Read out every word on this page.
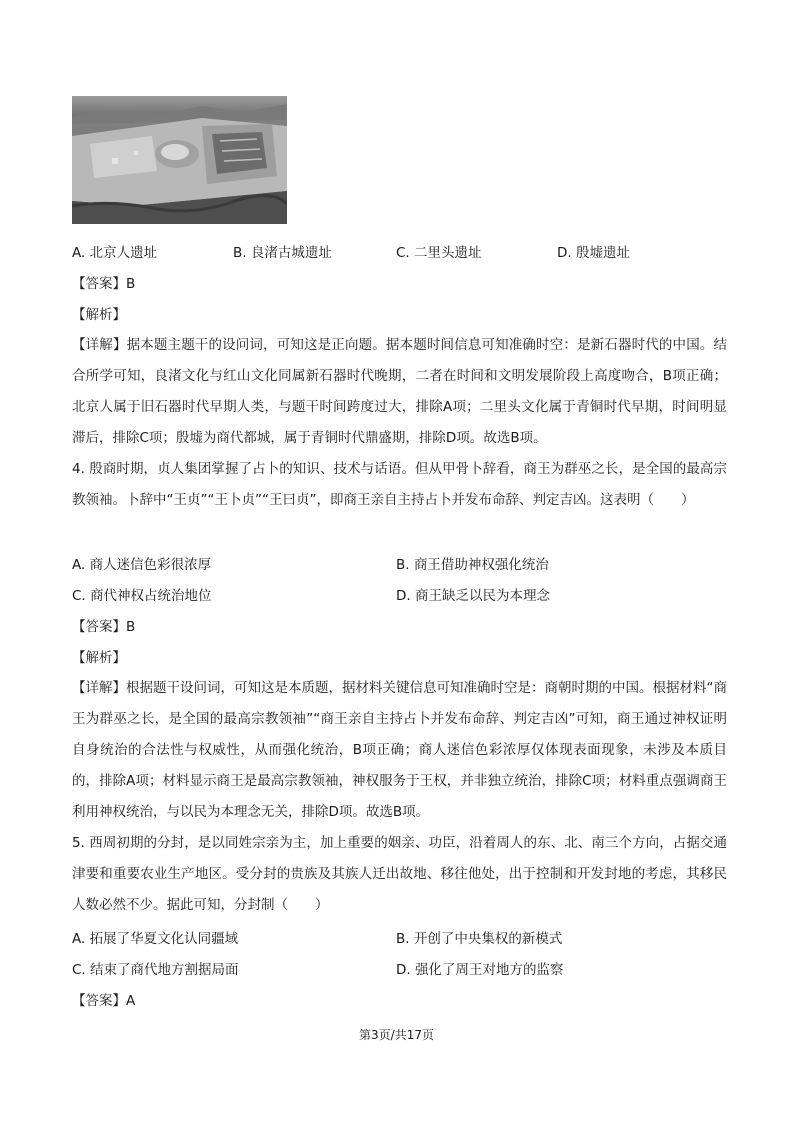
A. 北京人遗址	B. 良渚古城遗址	C. 二里头遗址	D. 殷墟遗址
【答案】B
【解析】
【详解】据本题主题干的设问词，可知这是正向题。据本题时间信息可知准确时空：是新石器时代的中国。结合所学可知，良渚文化与红山文化同属新石器时代晚期，二者在时间和文明发展阶段上高度吻合，B项正确；北京人属于旧石器时代早期人类，与题干时间跨度过大，排除A项；二里头文化属于青铜时代早期，时间明显滞后，排除C项；殷墟为商代都城，属于青铜时代鼎盛期，排除D项。故选B项。
4. 殷商时期，贞人集团掌握了占卜的知识、技术与话语。但从甲骨卜辞看，商王为群巫之长，是全国的最高宗教领袖。卜辞中“王贞”“王卜贞”“王曰贞”，即商王亲自主持占卜并发布命辞、判定吉凶。这表明（　　）
A. 商人迷信色彩很浓厚	B. 商王借助神权强化统治
C. 商代神权占统治地位	D. 商王缺乏以民为本理念
【答案】B
【解析】
【详解】根据题干设问词，可知这是本质题，据材料关键信息可知准确时空是：商朝时期的中国。根据材料“商王为群巫之长，是全国的最高宗教领袖”“商王亲自主持占卜并发布命辞、判定吉凶”可知，商王通过神权证明自身统治的合法性与权威性，从而强化统治，B项正确；商人迷信色彩浓厚仅体现表面现象，未涉及本质目的，排除A项；材料显示商王是最高宗教领袖，神权服务于王权，并非独立统治，排除C项；材料重点强调商王利用神权统治，与以民为本理念无关，排除D项。故选B项。
5. 西周初期的分封，是以同姓宗亲为主，加上重要的姻亲、功臣，沿着周人的东、北、南三个方向，占据交通津要和重要农业生产地区。受分封的贵族及其族人迁出故地、移往他处，出于控制和开发封地的考虑，其移民人数必然不少。据此可知，分封制（　　）
A. 拓展了华夏文化认同疆域	B. 开创了中央集权的新模式
C. 结束了商代地方割据局面	D. 强化了周王对地方的监察
【答案】A
第3页/共17页
